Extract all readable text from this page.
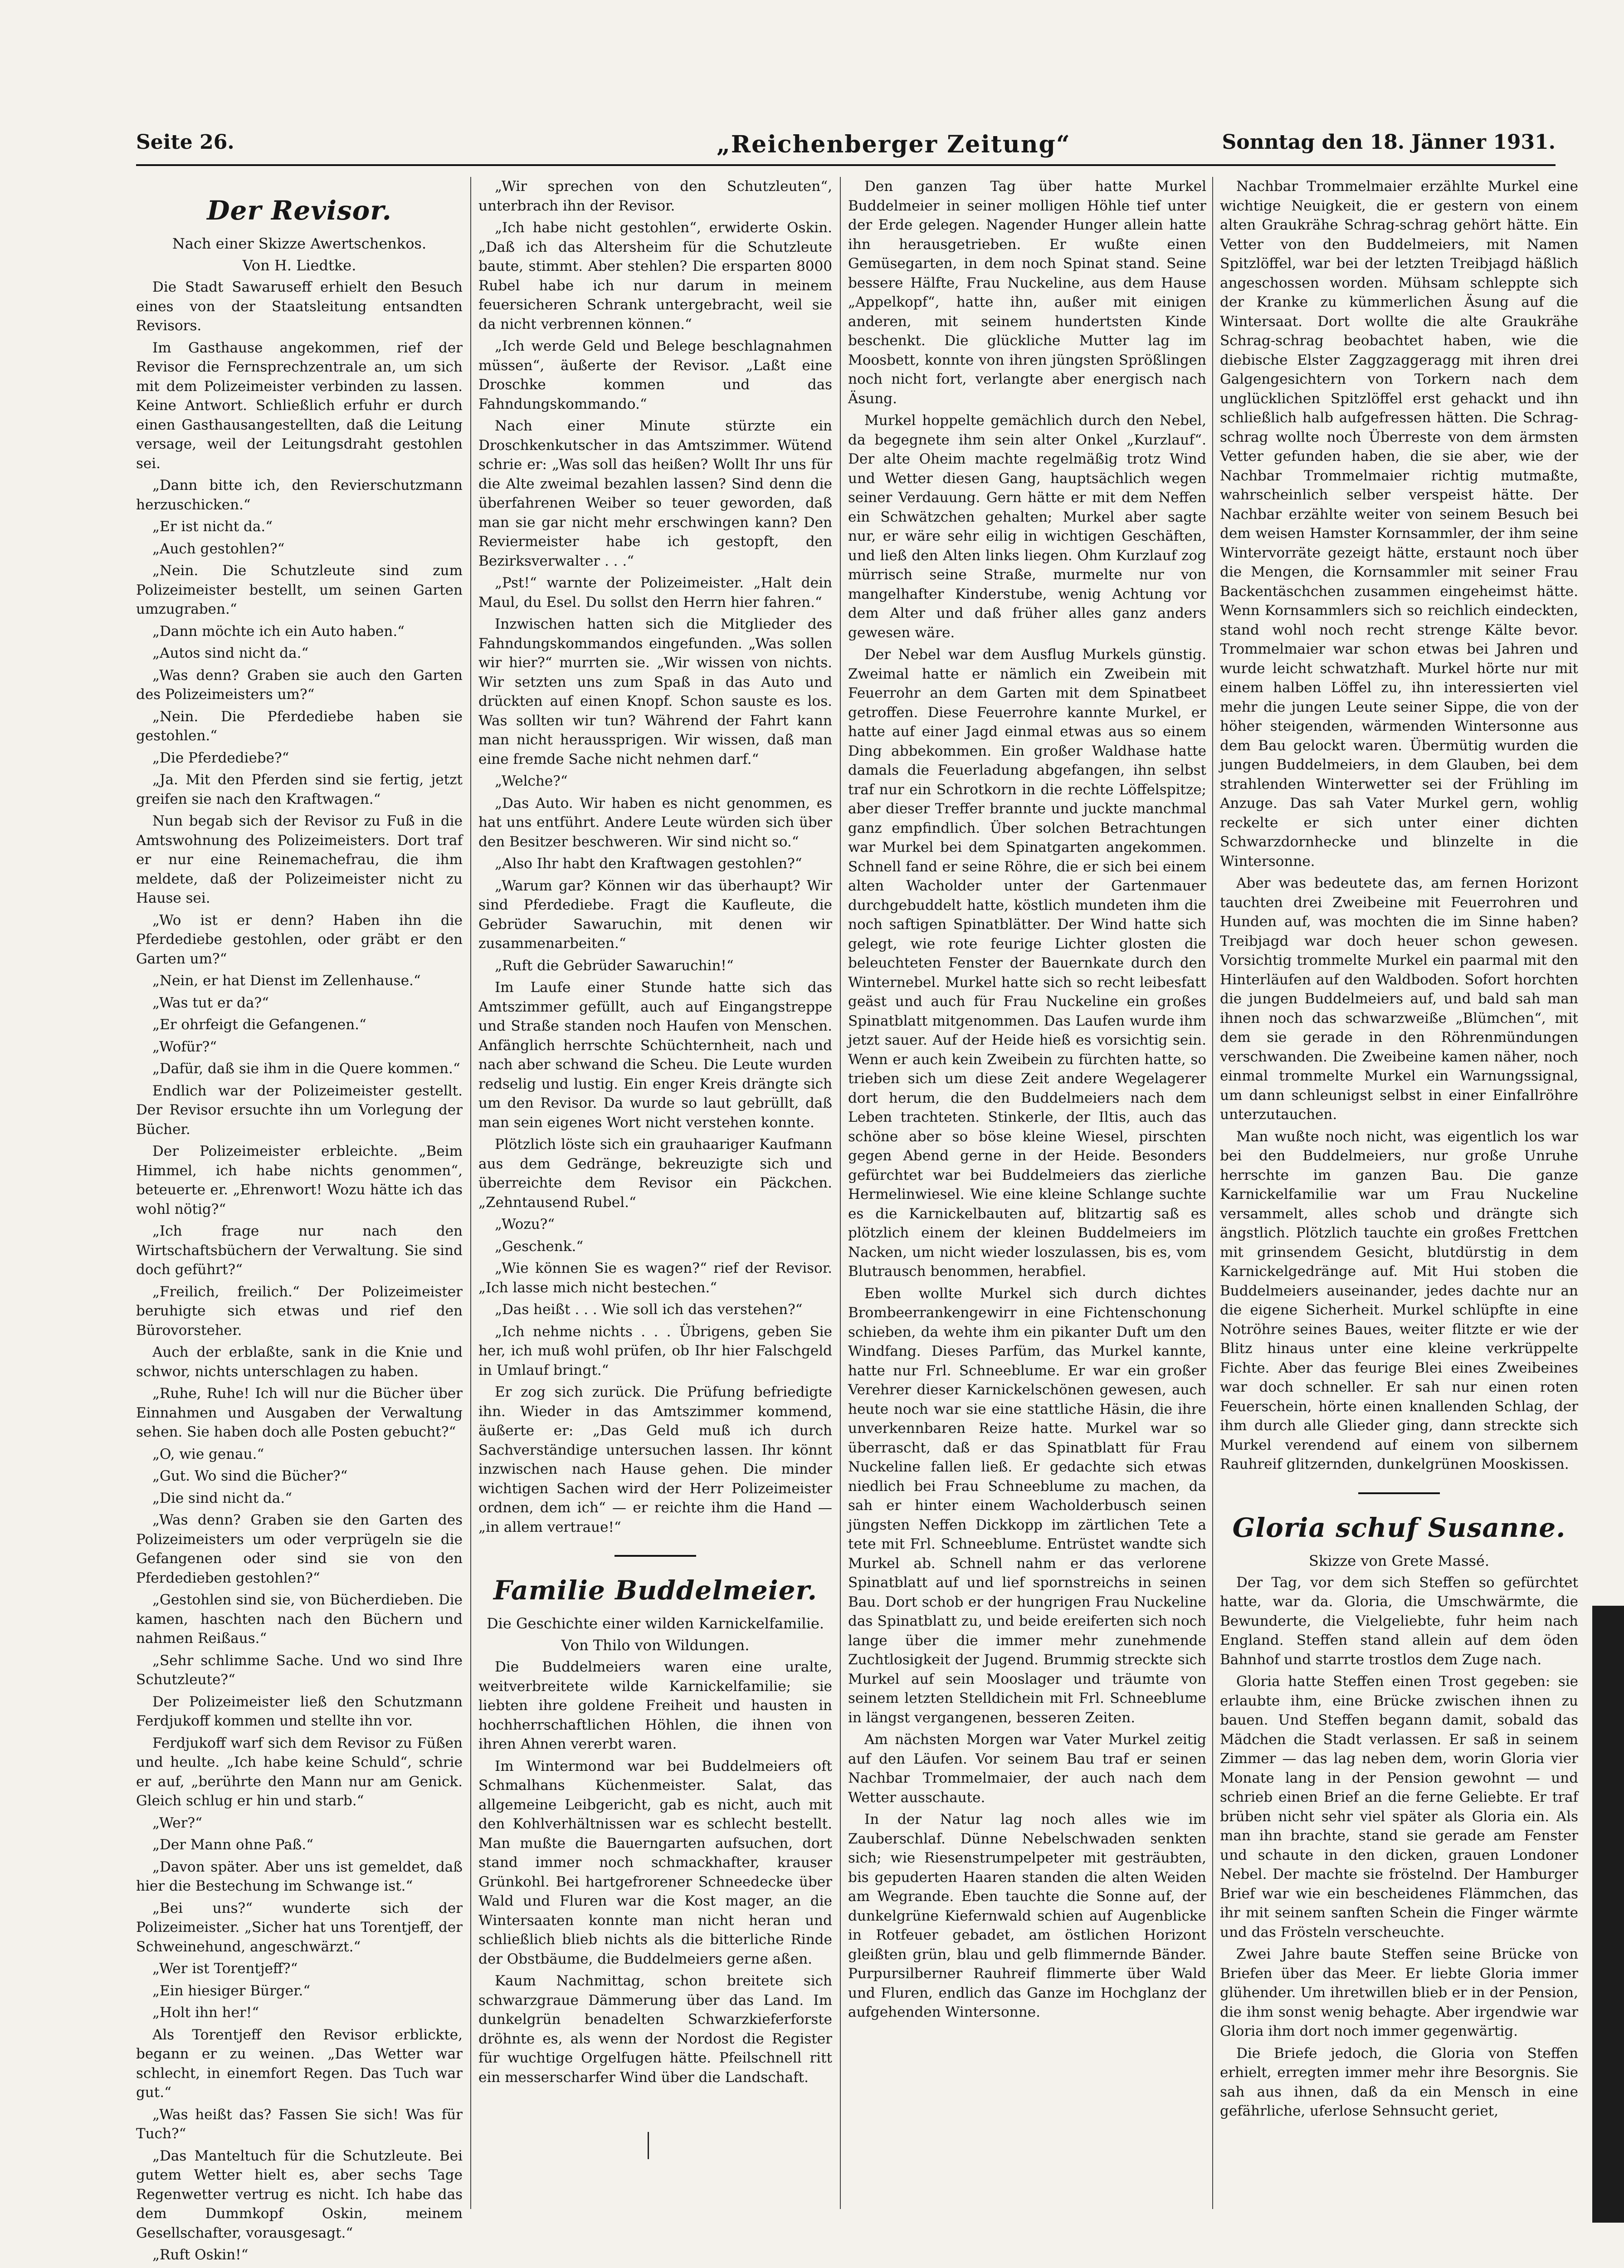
Seite 26.	„Reichenberger Zeitung“	Sonntag den 18. Jänner 1931.
Der Revisor.
Nach einer Skizze Awertschenkos.
Von H. Liedtke.

Die Stadt Sawaruseff erhielt den Besuch eines von der Staatsleitung entsandten Revisors.

Im Gasthause angekommen, rief der Revisor die Fernsprechzentrale an, um sich mit dem Polizeimeister verbinden zu lassen. Keine Antwort. Schließlich erfuhr er durch einen Gasthausangestellten, daß die Leitung versage, weil der Leitungsdraht gestohlen sei.

„Dann bitte ich, den Revierschutzmann herzuschicken.“

„Er ist nicht da.“

„Auch gestohlen?“

„Nein. Die Schutzleute sind zum Polizeimeister bestellt, um seinen Garten umzugraben.“

„Dann möchte ich ein Auto haben.“

„Autos sind nicht da.“

„Was denn? Graben sie auch den Garten des Polizeimeisters um?“

„Nein. Die Pferdediebe haben sie gestohlen.“

„Die Pferdediebe?“

„Ja. Mit den Pferden sind sie fertig, jetzt greifen sie nach den Kraftwagen.“

Nun begab sich der Revisor zu Fuß in die Amtswohnung des Polizeimeisters. Dort traf er nur eine Reinemachefrau, die ihm meldete, daß der Polizeimeister nicht zu Hause sei.

„Wo ist er denn? Haben ihn die Pferdediebe gestohlen, oder gräbt er den Garten um?“

„Nein, er hat Dienst im Zellenhause.“

„Was tut er da?“

„Er ohrfeigt die Gefangenen.“

„Wofür?“

„Dafür, daß sie ihm in die Quere kommen.“

Endlich war der Polizeimeister gestellt. Der Revisor ersuchte ihn um Vorlegung der Bücher.

Der Polizeimeister erbleichte. „Beim Himmel, ich habe nichts genommen“, beteuerte er. „Ehrenwort! Wozu hätte ich das wohl nötig?“

„Ich frage nur nach den Wirtschaftsbüchern der Verwaltung. Sie sind doch geführt?“

„Freilich, freilich.“ Der Polizeimeister beruhigte sich etwas und rief den Bürovorsteher.

Auch der erblaßte, sank in die Knie und schwor, nichts unterschlagen zu haben.

„Ruhe, Ruhe! Ich will nur die Bücher über Einnahmen und Ausgaben der Verwaltung sehen. Sie haben doch alle Posten gebucht?“

„O, wie genau.“

„Gut. Wo sind die Bücher?“

„Die sind nicht da.“

„Was denn? Graben sie den Garten des Polizeimeisters um oder verprügeln sie die Gefangenen oder sind sie von den Pferdedieben gestohlen?“

„Gestohlen sind sie, von Bücherdieben. Die kamen, haschten nach den Büchern und nahmen Reißaus.“

„Sehr schlimme Sache. Und wo sind Ihre Schutzleute?“

Der Polizeimeister ließ den Schutzmann Ferdjukoff kommen und stellte ihn vor.

Ferdjukoff warf sich dem Revisor zu Füßen und heulte. „Ich habe keine Schuld“, schrie er auf, „berührte den Mann nur am Genick. Gleich schlug er hin und starb.“

„Wer?“

„Der Mann ohne Paß.“

„Davon später. Aber uns ist gemeldet, daß hier die Bestechung im Schwange ist.“

„Bei uns?“ wunderte sich der Polizeimeister. „Sicher hat uns Torentjeff, der Schweinehund, angeschwärzt.“

„Wer ist Torentjeff?“

„Ein hiesiger Bürger.“

„Holt ihn her!“

Als Torentjeff den Revisor erblickte, begann er zu weinen. „Das Wetter war schlecht, in einemfort Regen. Das Tuch war gut.“

„Was heißt das? Fassen Sie sich! Was für Tuch?“

„Das Manteltuch für die Schutzleute. Bei gutem Wetter hielt es, aber sechs Tage Regenwetter vertrug es nicht. Ich habe das dem Dummkopf Oskin, meinem Gesellschafter, vorausgesagt.“

„Ruft Oskin!“

„Wir sprechen von den Schutzleuten“, unterbrach ihn der Revisor.

„Ich habe nicht gestohlen“, erwiderte Oskin. „Daß ich das Altersheim für die Schutzleute baute, stimmt. Aber stehlen? Die ersparten 8000 Rubel habe ich nur darum in meinem feuersicheren Schrank untergebracht, weil sie da nicht verbrennen können.“

„Ich werde Geld und Belege beschlagnahmen müssen“, äußerte der Revisor. „Laßt eine Droschke kommen und das Fahndungskommando.“

Nach einer Minute stürzte ein Droschkenkutscher in das Amtszimmer. Wütend schrie er: „Was soll das heißen? Wollt Ihr uns für die Alte zweimal bezahlen lassen? Sind denn die überfahrenen Weiber so teuer geworden, daß man sie gar nicht mehr erschwingen kann? Den Reviermeister habe ich gestopft, den Bezirksverwalter . . .“

„Pst!“ warnte der Polizeimeister. „Halt dein Maul, du Esel. Du sollst den Herrn hier fahren.“

Inzwischen hatten sich die Mitglieder des Fahndungskommandos eingefunden. „Was sollen wir hier?“ murrten sie. „Wir wissen von nichts. Wir setzten uns zum Spaß in das Auto und drückten auf einen Knopf. Schon sauste es los. Was sollten wir tun? Während der Fahrt kann man nicht heraussprigen. Wir wissen, daß man eine fremde Sache nicht nehmen darf.“

„Welche?“

„Das Auto. Wir haben es nicht genommen, es hat uns entführt. Andere Leute würden sich über den Besitzer beschweren. Wir sind nicht so.“

„Also Ihr habt den Kraftwagen gestohlen?“

„Warum gar? Können wir das überhaupt? Wir sind Pferdediebe. Fragt die Kaufleute, die Gebrüder Sawaruchin, mit denen wir zusammenarbeiten.“

„Ruft die Gebrüder Sawaruchin!“

Im Laufe einer Stunde hatte sich das Amtszimmer gefüllt, auch auf Eingangstreppe und Straße standen noch Haufen von Menschen. Anfänglich herrschte Schüchternheit, nach und nach aber schwand die Scheu. Die Leute wurden redselig und lustig. Ein enger Kreis drängte sich um den Revisor. Da wurde so laut gebrüllt, daß man sein eigenes Wort nicht verstehen konnte.

Plötzlich löste sich ein grauhaariger Kaufmann aus dem Gedränge, bekreuzigte sich und überreichte dem Revisor ein Päckchen. „Zehntausend Rubel.“

„Wozu?“

„Geschenk.“

„Wie können Sie es wagen?“ rief der Revisor. „Ich lasse mich nicht bestechen.“

„Das heißt . . . Wie soll ich das verstehen?“

„Ich nehme nichts . . . Übrigens, geben Sie her, ich muß wohl prüfen, ob Ihr hier Falschgeld in Umlauf bringt.“

Er zog sich zurück. Die Prüfung befriedigte ihn. Wieder in das Amtszimmer kommend, äußerte er: „Das Geld muß ich durch Sachverständige untersuchen lassen. Ihr könnt inzwischen nach Hause gehen. Die minder wichtigen Sachen wird der Herr Polizeimeister ordnen, dem ich“ — er reichte ihm die Hand — „in allem vertraue!“

Familie Buddelmeier.
Die Geschichte einer wilden Karnickelfamilie.
Von Thilo von Wildungen.

Die Buddelmeiers waren eine uralte, weitverbreitete wilde Karnickelfamilie; sie liebten ihre goldene Freiheit und hausten in hochherrschaftlichen Höhlen, die ihnen von ihren Ahnen vererbt waren.

Im Wintermond war bei Buddelmeiers oft Schmalhans Küchenmeister. Salat, das allgemeine Leibgericht, gab es nicht, auch mit den Kohlverhältnissen war es schlecht bestellt. Man mußte die Bauerngarten aufsuchen, dort stand immer noch schmackhafter, krauser Grünkohl. Bei hartgefrorener Schneedecke über Wald und Fluren war die Kost mager, an die Wintersaaten konnte man nicht heran und schließlich blieb nichts als die bitterliche Rinde der Obstbäume, die Buddelmeiers gerne aßen.

Kaum Nachmittag, schon breitete sich schwarzgraue Dämmerung über das Land. Im dunkelgrün benadelten Schwarzkieferforste dröhnte es, als wenn der Nordost die Register für wuchtige Orgelfugen hätte. Pfeilschnell ritt ein messerscharfer Wind über die Landschaft.

Den ganzen Tag über hatte Murkel Buddelmeier in seiner molligen Höhle tief unter der Erde gelegen. Nagender Hunger allein hatte ihn herausgetrieben. Er wußte einen Gemüsegarten, in dem noch Spinat stand. Seine bessere Hälfte, Frau Nuckeline, aus dem Hause „Appelkopf“, hatte ihn, außer mit einigen anderen, mit seinem hundertsten Kinde beschenkt. Die glückliche Mutter lag im Moosbett, konnte von ihren jüngsten Sprößlingen noch nicht fort, verlangte aber energisch nach Äsung.

Murkel hoppelte gemächlich durch den Nebel, da begegnete ihm sein alter Onkel „Kurzlauf“. Der alte Oheim machte regelmäßig trotz Wind und Wetter diesen Gang, hauptsächlich wegen seiner Verdauung. Gern hätte er mit dem Neffen ein Schwätzchen gehalten; Murkel aber sagte nur, er wäre sehr eilig in wichtigen Geschäften, und ließ den Alten links liegen. Ohm Kurzlauf zog mürrisch seine Straße, murmelte nur von mangelhafter Kinderstube, wenig Achtung vor dem Alter und daß früher alles ganz anders gewesen wäre.

Der Nebel war dem Ausflug Murkels günstig. Zweimal hatte er nämlich ein Zweibein mit Feuerrohr an dem Garten mit dem Spinatbeet getroffen. Diese Feuerrohre kannte Murkel, er hatte auf einer Jagd einmal etwas aus so einem Ding abbekommen. Ein großer Waldhase hatte damals die Feuerladung abgefangen, ihn selbst traf nur ein Schrotkorn in die rechte Löffelspitze; aber dieser Treffer brannte und juckte manchmal ganz empfindlich. Über solchen Betrachtungen war Murkel bei dem Spinatgarten angekommen. Schnell fand er seine Röhre, die er sich bei einem alten Wacholder unter der Gartenmauer durchgebuddelt hatte, köstlich mundeten ihm die noch saftigen Spinatblätter. Der Wind hatte sich gelegt, wie rote feurige Lichter glosten die beleuchteten Fenster der Bauernkate durch den Winternebel. Murkel hatte sich so recht leibesfatt geäst und auch für Frau Nuckeline ein großes Spinatblatt mitgenommen. Das Laufen wurde ihm jetzt sauer. Auf der Heide hieß es vorsichtig sein. Wenn er auch kein Zweibein zu fürchten hatte, so trieben sich um diese Zeit andere Wegelagerer dort herum, die den Buddelmeiers nach dem Leben trachteten. Stinkerle, der Iltis, auch das schöne aber so böse kleine Wiesel, pirschten gegen Abend gerne in der Heide. Besonders gefürchtet war bei Buddelmeiers das zierliche Hermelinwiesel. Wie eine kleine Schlange suchte es die Karnickelbauten auf, blitzartig saß es plötzlich einem der kleinen Buddelmeiers im Nacken, um nicht wieder loszulassen, bis es, vom Blutrausch benommen, herabfiel.

Eben wollte Murkel sich durch dichtes Brombeerrankengewirr in eine Fichtenschonung schieben, da wehte ihm ein pikanter Duft um den Windfang. Dieses Parfüm, das Murkel kannte, hatte nur Frl. Schneeblume. Er war ein großer Verehrer dieser Karnickelschönen gewesen, auch heute noch war sie eine stattliche Häsin, die ihre unverkennbaren Reize hatte. Murkel war so überrascht, daß er das Spinatblatt für Frau Nuckeline fallen ließ. Er gedachte sich etwas niedlich bei Frau Schneeblume zu machen, da sah er hinter einem Wacholderbusch seinen jüngsten Neffen Dickkopp im zärtlichen Tete a tete mit Frl. Schneeblume. Entrüstet wandte sich Murkel ab. Schnell nahm er das verlorene Spinatblatt auf und lief spornstreichs in seinen Bau. Dort schob er der hungrigen Frau Nuckeline das Spinatblatt zu, und beide ereiferten sich noch lange über die immer mehr zunehmende Zuchtlosigkeit der Jugend. Brummig streckte sich Murkel auf sein Mooslager und träumte von seinem letzten Stelldichein mit Frl. Schneeblume in längst vergangenen, besseren Zeiten.

Am nächsten Morgen war Vater Murkel zeitig auf den Läufen. Vor seinem Bau traf er seinen Nachbar Trommelmaier, der auch nach dem Wetter ausschaute.

In der Natur lag noch alles wie im Zauberschlaf. Dünne Nebelschwaden senkten sich; wie Riesenstrumpelpeter mit gesträubten, bis gepuderten Haaren standen die alten Weiden am Wegrande. Eben tauchte die Sonne auf, der dunkelgrüne Kiefernwald schien auf Augenblicke in Rotfeuer gebadet, am östlichen Horizont gleißten grün, blau und gelb flimmernde Bänder. Purpursilberner Rauhreif flimmerte über Wald und Fluren, endlich das Ganze im Hochglanz der aufgehenden Wintersonne.

Nachbar Trommelmaier erzählte Murkel eine wichtige Neuigkeit, die er gestern von einem alten Graukrähe Schrag-schrag gehört hätte. Ein Vetter von den Buddelmeiers, mit Namen Spitzlöffel, war bei der letzten Treibjagd häßlich angeschossen worden. Mühsam schleppte sich der Kranke zu kümmerlichen Äsung auf die Wintersaat. Dort wollte die alte Graukrähe Schrag-schrag beobachtet haben, wie die diebische Elster Zaggzaggeragg mit ihren drei Galgengesichtern von Torkern nach dem unglücklichen Spitzlöffel erst gehackt und ihn schließlich halb aufgefressen hätten. Die Schrag-schrag wollte noch Überreste von dem ärmsten Vetter gefunden haben, die sie aber, wie der Nachbar Trommelmaier richtig mutmaßte, wahrscheinlich selber verspeist hätte. Der Nachbar erzählte weiter von seinem Besuch bei dem weisen Hamster Kornsammler, der ihm seine Wintervorräte gezeigt hätte, erstaunt noch über die Mengen, die Kornsammler mit seiner Frau Backentäschchen zusammen eingeheimst hätte. Wenn Kornsammlers sich so reichlich eindeckten, stand wohl noch recht strenge Kälte bevor. Trommelmaier war schon etwas bei Jahren und wurde leicht schwatzhaft. Murkel hörte nur mit einem halben Löffel zu, ihn interessierten viel mehr die jungen Leute seiner Sippe, die von der höher steigenden, wärmenden Wintersonne aus dem Bau gelockt waren. Übermütig wurden die jungen Buddelmeiers, in dem Glauben, bei dem strahlenden Winterwetter sei der Frühling im Anzuge. Das sah Vater Murkel gern, wohlig reckelte er sich unter einer dichten Schwarzdornhecke und blinzelte in die Wintersonne.

Aber was bedeutete das, am fernen Horizont tauchten drei Zweibeine mit Feuerrohren und Hunden auf, was mochten die im Sinne haben? Treibjagd war doch heuer schon gewesen. Vorsichtig trommelte Murkel ein paarmal mit den Hinterläufen auf den Waldboden. Sofort horchten die jungen Buddelmeiers auf, und bald sah man ihnen noch das schwarzweiße „Blümchen“, mit dem sie gerade in den Röhrenmündungen verschwanden. Die Zweibeine kamen näher, noch einmal trommelte Murkel ein Warnungssignal, um dann schleunigst selbst in einer Einfallröhre unterzutauchen.

Man wußte noch nicht, was eigentlich los war bei den Buddelmeiers, nur große Unruhe herrschte im ganzen Bau. Die ganze Karnickelfamilie war um Frau Nuckeline versammelt, alles schob und drängte sich ängstlich. Plötzlich tauchte ein großes Frettchen mit grinsendem Gesicht, blutdürstig in dem Karnickelgedränge auf. Mit Hui stoben die Buddelmeiers auseinander, jedes dachte nur an die eigene Sicherheit. Murkel schlüpfte in eine Notröhre seines Baues, weiter flitzte er wie der Blitz hinaus unter eine kleine verkrüppelte Fichte. Aber das feurige Blei eines Zweibeines war doch schneller. Er sah nur einen roten Feuerschein, hörte einen knallenden Schlag, der ihm durch alle Glieder ging, dann streckte sich Murkel verendend auf einem von silbernem Rauhreif glitzernden, dunkelgrünen Mooskissen.

Gloria schuf Susanne.
Skizze von Grete Massé.

Der Tag, vor dem sich Steffen so gefürchtet hatte, war da. Gloria, die Umschwärmte, die Bewunderte, die Vielgeliebte, fuhr heim nach England. Steffen stand allein auf dem öden Bahnhof und starrte trostlos dem Zuge nach.

Gloria hatte Steffen einen Trost gegeben: sie erlaubte ihm, eine Brücke zwischen ihnen zu bauen. Und Steffen begann damit, sobald das Mädchen die Stadt verlassen. Er saß in seinem Zimmer — das lag neben dem, worin Gloria vier Monate lang in der Pension gewohnt — und schrieb einen Brief an die ferne Geliebte. Er traf brüben nicht sehr viel später als Gloria ein. Als man ihn brachte, stand sie gerade am Fenster und schaute in den dicken, grauen Londoner Nebel. Der machte sie fröstelnd. Der Hamburger Brief war wie ein bescheidenes Flämmchen, das ihr mit seinem sanften Schein die Finger wärmte und das Frösteln verscheuchte.

Zwei Jahre baute Steffen seine Brücke von Briefen über das Meer. Er liebte Gloria immer glühender. Um ihretwillen blieb er in der Pension, die ihm sonst wenig behagte. Aber irgendwie war Gloria ihm dort noch immer gegenwärtig.

Die Briefe jedoch, die Gloria von Steffen erhielt, erregten immer mehr ihre Besorgnis. Sie sah aus ihnen, daß da ein Mensch in eine gefährliche, uferlose Sehnsucht geriet,
